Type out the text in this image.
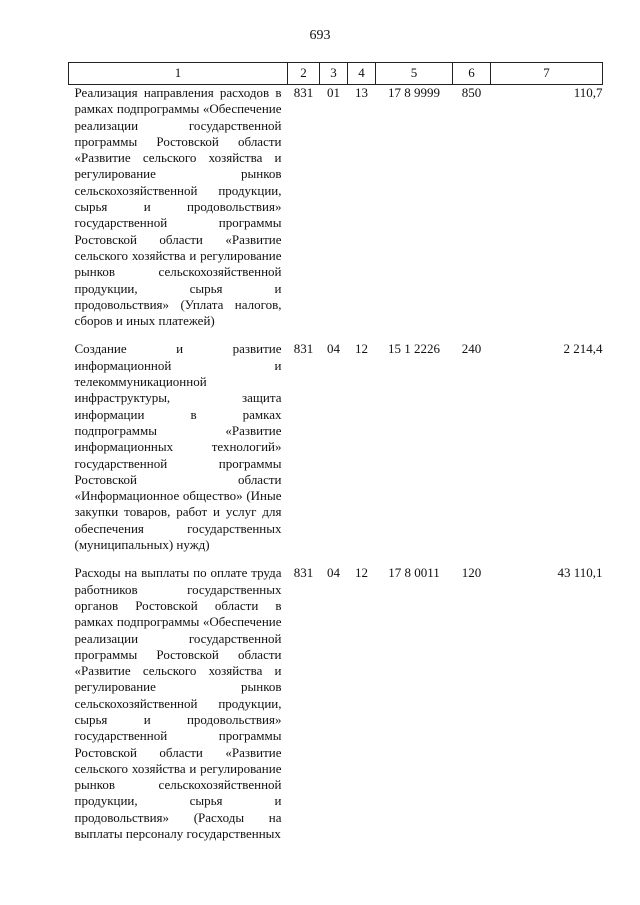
693
1	2	3	4	5	6	7
Реализация направления расходов в рамках подпрограммы «Обеспечение реализации государственной программы Ростовской области «Развитие сельского хозяйства и регулирование рынков сельскохозяйственной продукции, сырья и продовольствия» государственной программы Ростовской области «Развитие сельского хозяйства и регулирование рынков сельскохозяйственной продукции, сырья и продовольствия» (Уплата налогов, сборов и иных платежей)	831	01	13	17 8 9999	850	110,7
Создание и развитие информационной и телекоммуникационной инфраструктуры, защита информации в рамках подпрограммы «Развитие информационных технологий» государственной программы Ростовской области «Информационное общество» (Иные закупки товаров, работ и услуг для обеспечения государственных (муниципальных) нужд)	831	04	12	15 1 2226	240	2 214,4
Расходы на выплаты по оплате труда работников государственных органов Ростовской области в рамках подпрограммы «Обеспечение реализации государственной программы Ростовской области «Развитие сельского хозяйства и регулирование рынков сельскохозяйственной продукции, сырья и продовольствия» государственной программы Ростовской области «Развитие сельского хозяйства и регулирование рынков сельскохозяйственной продукции, сырья и продовольствия» (Расходы на выплаты персоналу государственных	831	04	12	17 8 0011	120	43 110,1
